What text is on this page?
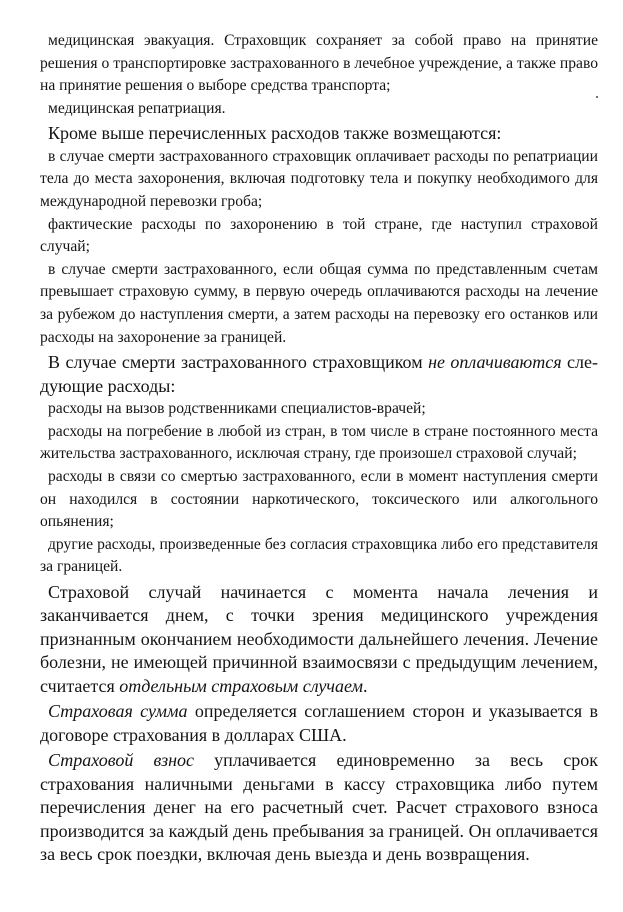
медицинская эвакуация. Страховщик сохраняет за собой право на принятие решения о транспортировке застрахованного в лечебное учреждение, а также право на принятие решения о выборе средства транспорта;

медицинская репатриация.

Кроме выше перечисленных расходов также возмещаются:

в случае смерти застрахованного страховщик оплачивает расходы по репатриации тела до места захоронения, включая подготовку тела и покупку необходимого для международной перевозки гроба;

фактические расходы по захоронению в той стране, где наступил страховой случай;

в случае смерти застрахованного, если общая сумма по представленным счетам превышает страховую сумму, в первую очередь оплачиваются расходы на лечение за рубежом до наступления смерти, а затем расходы на перевозку его останков или расходы на захоронение за границей.

В случае смерти застрахованного страховщиком не оплачиваются следующие расходы:

расходы на вызов родственниками специалистов-врачей;

расходы на погребение в любой из стран, в том числе в стране постоянного места жительства застрахованного, исключая страну, где произошел страховой случай;

расходы в связи со смертью застрахованного, если в момент наступления смерти он находился в состоянии наркотического, токсического или алкогольного опьянения;

другие расходы, произведенные без согласия страховщика либо его представителя за границей.

Страховой случай начинается с момента начала лечения и заканчивается днем, с точки зрения медицинского учреждения признанным окончанием необходимости дальнейшего лечения. Лечение болезни, не имеющей причинной взаимосвязи с предыдущим лечением, считается отдельным страховым случаем.

Страховая сумма определяется соглашением сторон и указывается в договоре страхования в долларах США.

Страховой взнос уплачивается единовременно за весь срок страхования наличными деньгами в кассу страховщика либо путем перечисления денег на его расчетный счет. Расчет страхового взноса производится за каждый день пребывания за границей. Он оплачивается за весь срок поездки, включая день выезда и день возвращения.
